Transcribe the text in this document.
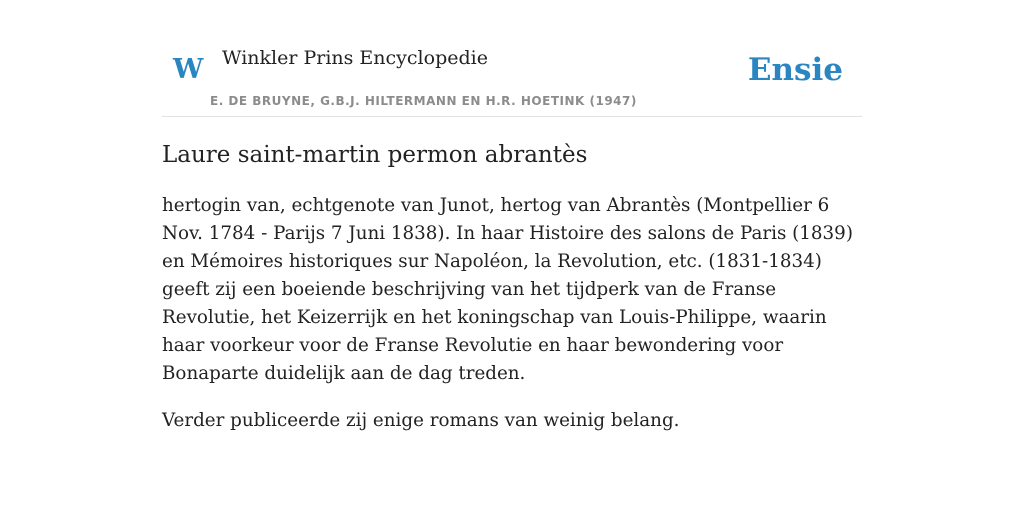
W Winkler Prins Encyclopedie
E. DE BRUYNE, G.B.J. HILTERMANN EN H.R. HOETINK (1947)
Ensie
Laure saint-martin permon abrantès

hertogin van, echtgenote van Junot, hertog van Abrantès (Montpellier 6 Nov. 1784 - Parijs 7 Juni 1838). In haar Histoire des salons de Paris (1839) en Mémoires historiques sur Napoléon, la Revolution, etc. (1831-1834) geeft zij een boeiende beschrijving van het tijdperk van de Franse Revolutie, het Keizerrijk en het koningschap van Louis-Philippe, waarin haar voorkeur voor de Franse Revolutie en haar bewondering voor Bonaparte duidelijk aan de dag treden.

Verder publiceerde zij enige romans van weinig belang.
